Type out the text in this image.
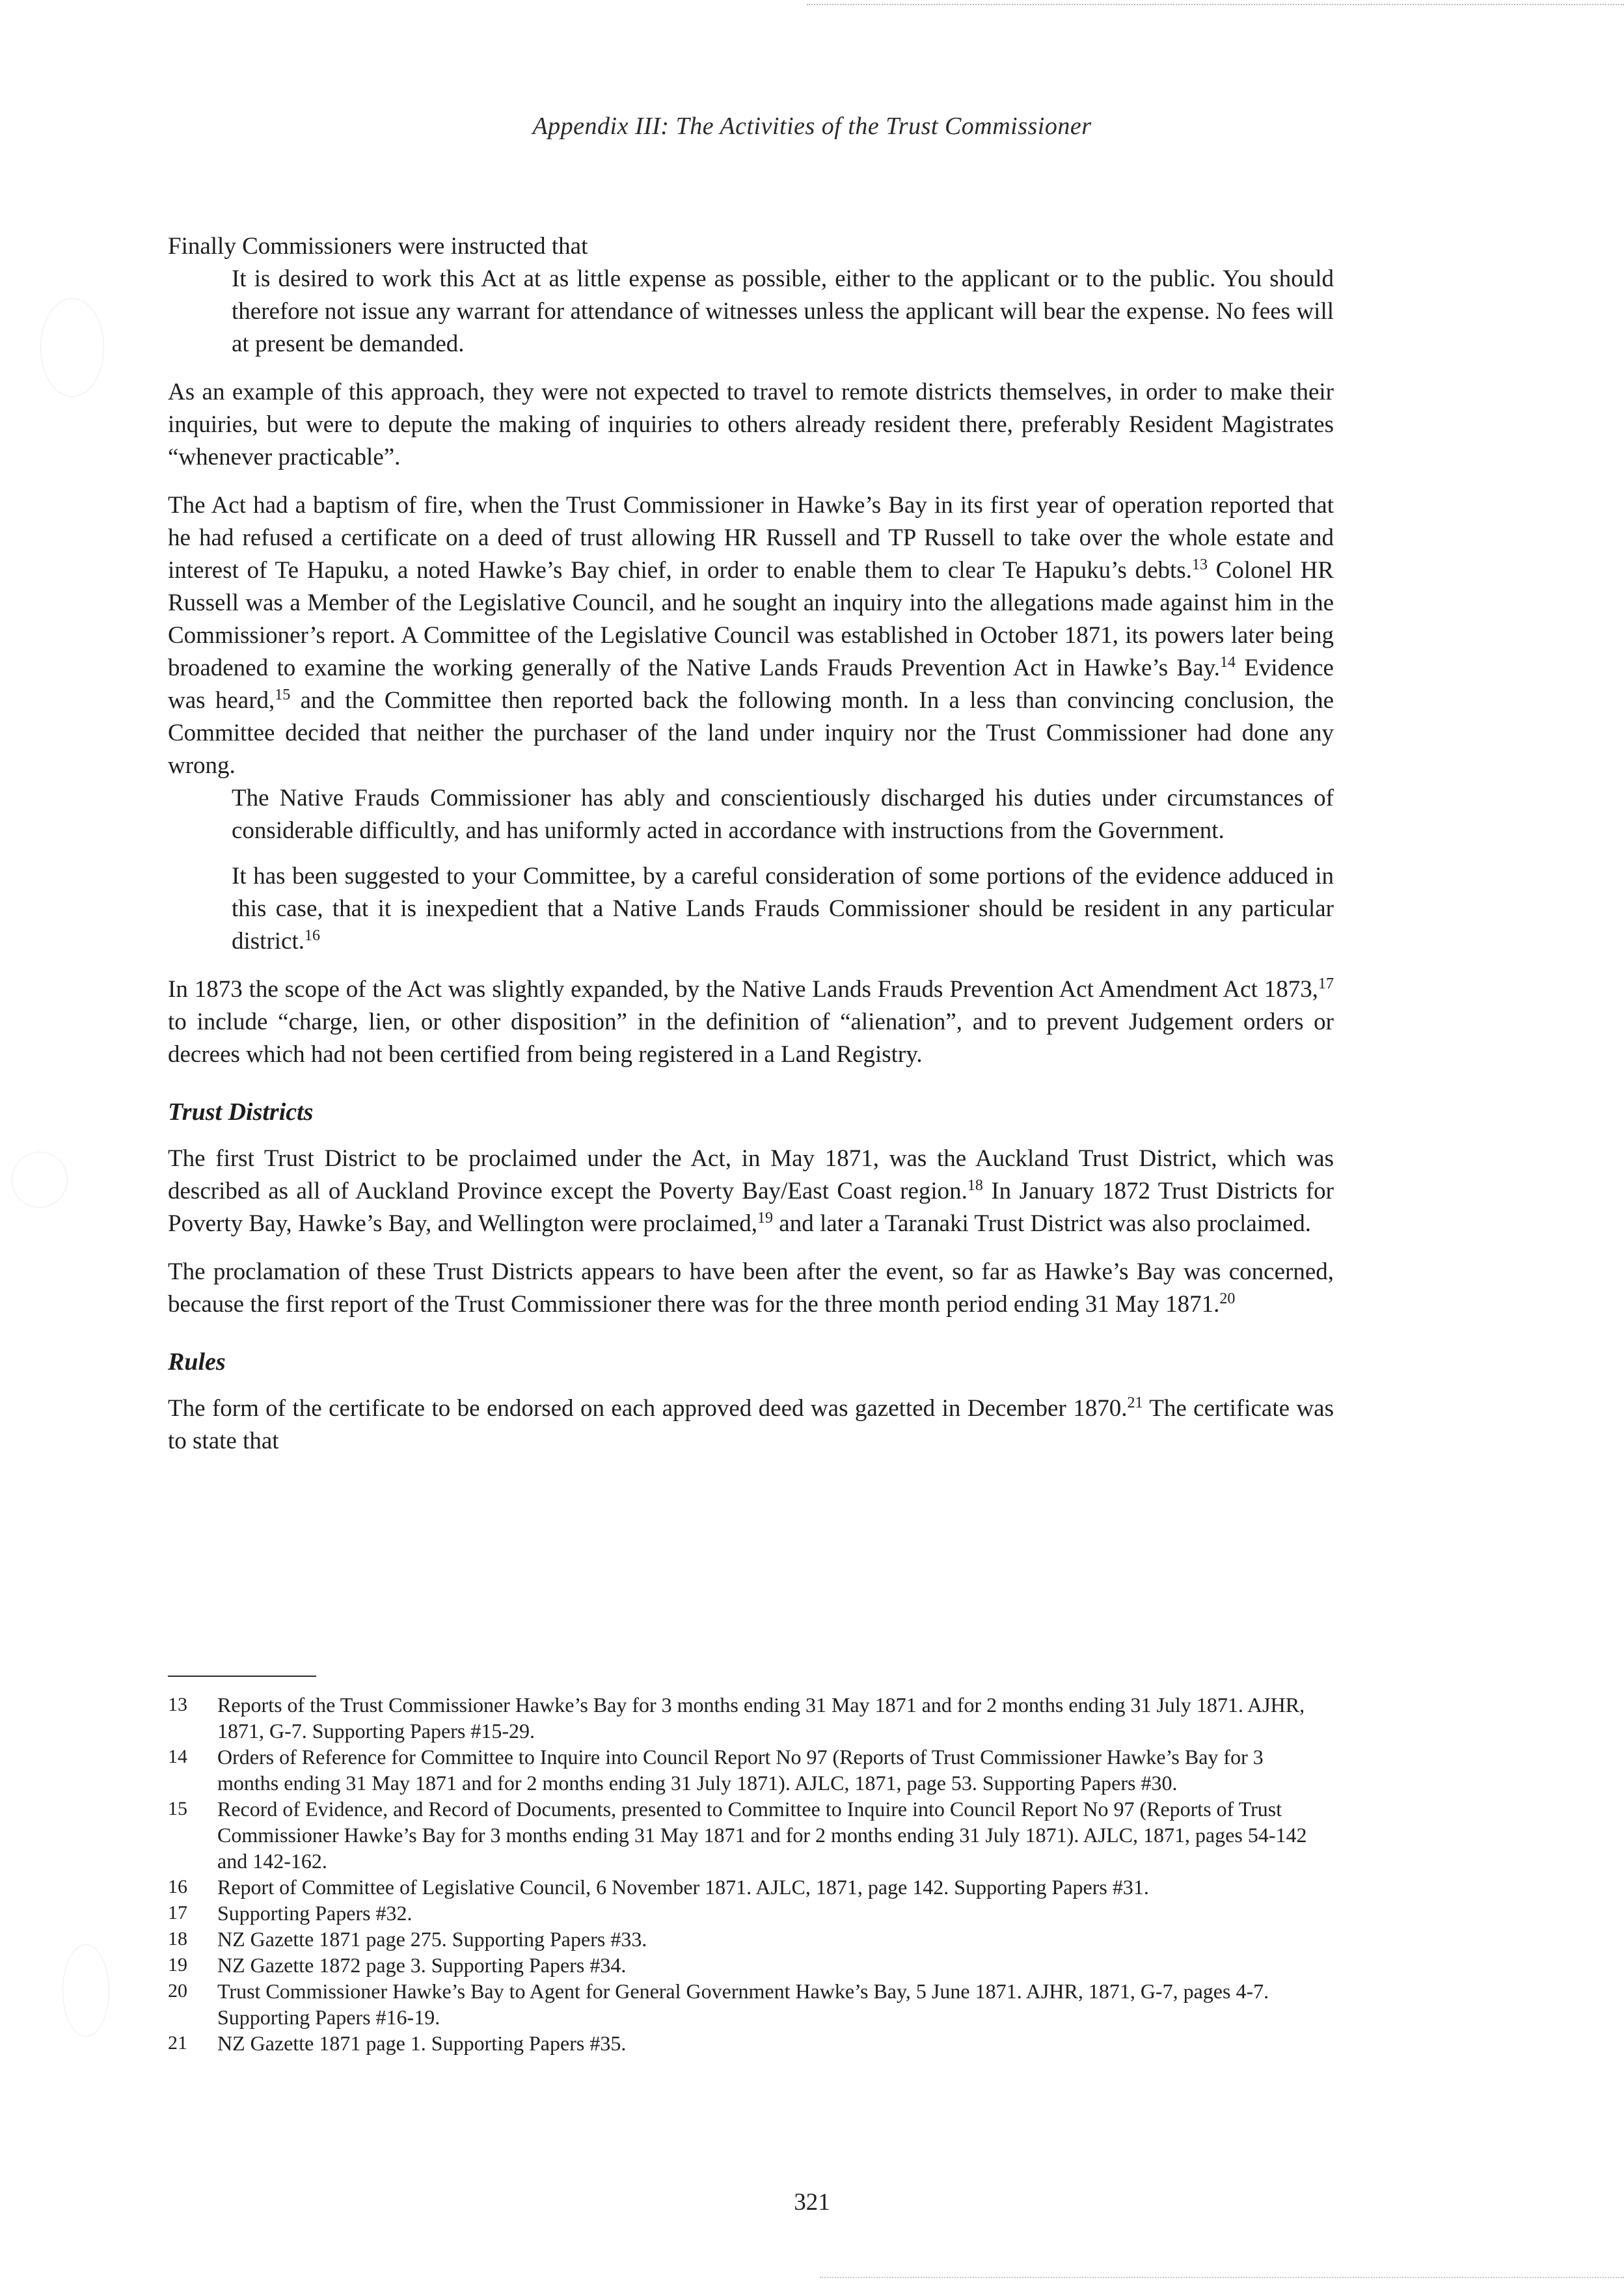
Appendix III: The Activities of the Trust Commissioner

Finally Commissioners were instructed that

It is desired to work this Act at as little expense as possible, either to the applicant or to the public. You should therefore not issue any warrant for attendance of witnesses unless the applicant will bear the expense. No fees will at present be demanded.

As an example of this approach, they were not expected to travel to remote districts themselves, in order to make their inquiries, but were to depute the making of inquiries to others already resident there, preferably Resident Magistrates “whenever practicable”.

The Act had a baptism of fire, when the Trust Commissioner in Hawke’s Bay in its first year of operation reported that he had refused a certificate on a deed of trust allowing HR Russell and TP Russell to take over the whole estate and interest of Te Hapuku, a noted Hawke’s Bay chief, in order to enable them to clear Te Hapuku’s debts.$^{13}$ Colonel HR Russell was a Member of the Legislative Council, and he sought an inquiry into the allegations made against him in the Commissioner’s report. A Committee of the Legislative Council was established in October 1871, its powers later being broadened to examine the working generally of the Native Lands Frauds Prevention Act in Hawke’s Bay.$^{14}$ Evidence was heard,$^{15}$ and the Committee then reported back the following month. In a less than convincing conclusion, the Committee decided that neither the purchaser of the land under inquiry nor the Trust Commissioner had done any wrong.

The Native Frauds Commissioner has ably and conscientiously discharged his duties under circumstances of considerable difficultly, and has uniformly acted in accordance with instructions from the Government.

It has been suggested to your Committee, by a careful consideration of some portions of the evidence adduced in this case, that it is inexpedient that a Native Lands Frauds Commissioner should be resident in any particular district.$^{16}$

In 1873 the scope of the Act was slightly expanded, by the Native Lands Frauds Prevention Act Amendment Act 1873,17 to include “charge, lien, or other disposition” in the definition of “alienation”, and to prevent Judgement orders or decrees which had not been certified from being registered in a Land Registry.

Trust Districts

The first Trust District to be proclaimed under the Act, in May 1871, was the Auckland Trust District, which was described as all of Auckland Province except the Poverty Bay/East Coast region.$^{18}$ In January 1872 Trust Districts for Poverty Bay, Hawke’s Bay, and Wellington were proclaimed,$^{19}$ and later a Taranaki Trust District was also proclaimed.

The proclamation of these Trust Districts appears to have been after the event, so far as Hawke’s Bay was concerned, because the first report of the Trust Commissioner there was for the three month period ending 31 May 1871.20

Rules

The form of the certificate to be endorsed on each approved deed was gazetted in December 1870.21 The certificate was to state that

13	Reports of the Trust Commissioner Hawke’s Bay for 3 months ending 31 May 1871 and for 2 months ending 31 July 1871. AJHR, 1871, G-7. Supporting Papers #15-29.
14	Orders of Reference for Committee to Inquire into Council Report No 97 (Reports of Trust Commissioner Hawke’s Bay for 3 months ending 31 May 1871 and for 2 months ending 31 July 1871). AJLC, 1871, page 53. Supporting Papers #30.
15	Record of Evidence, and Record of Documents, presented to Committee to Inquire into Council Report No 97 (Reports of Trust Commissioner Hawke’s Bay for 3 months ending 31 May 1871 and for 2 months ending 31 July 1871). AJLC, 1871, pages 54-142 and 142-162.
16	Report of Committee of Legislative Council, 6 November 1871. AJLC, 1871, page 142. Supporting Papers #31.
17	Supporting Papers #32.
18	NZ Gazette 1871 page 275. Supporting Papers #33.
19	NZ Gazette 1872 page 3. Supporting Papers #34.
20	Trust Commissioner Hawke’s Bay to Agent for General Government Hawke’s Bay, 5 June 1871. AJHR, 1871, G-7, pages 4-7. Supporting Papers #16-19.
21	NZ Gazette 1871 page 1. Supporting Papers #35.
321
